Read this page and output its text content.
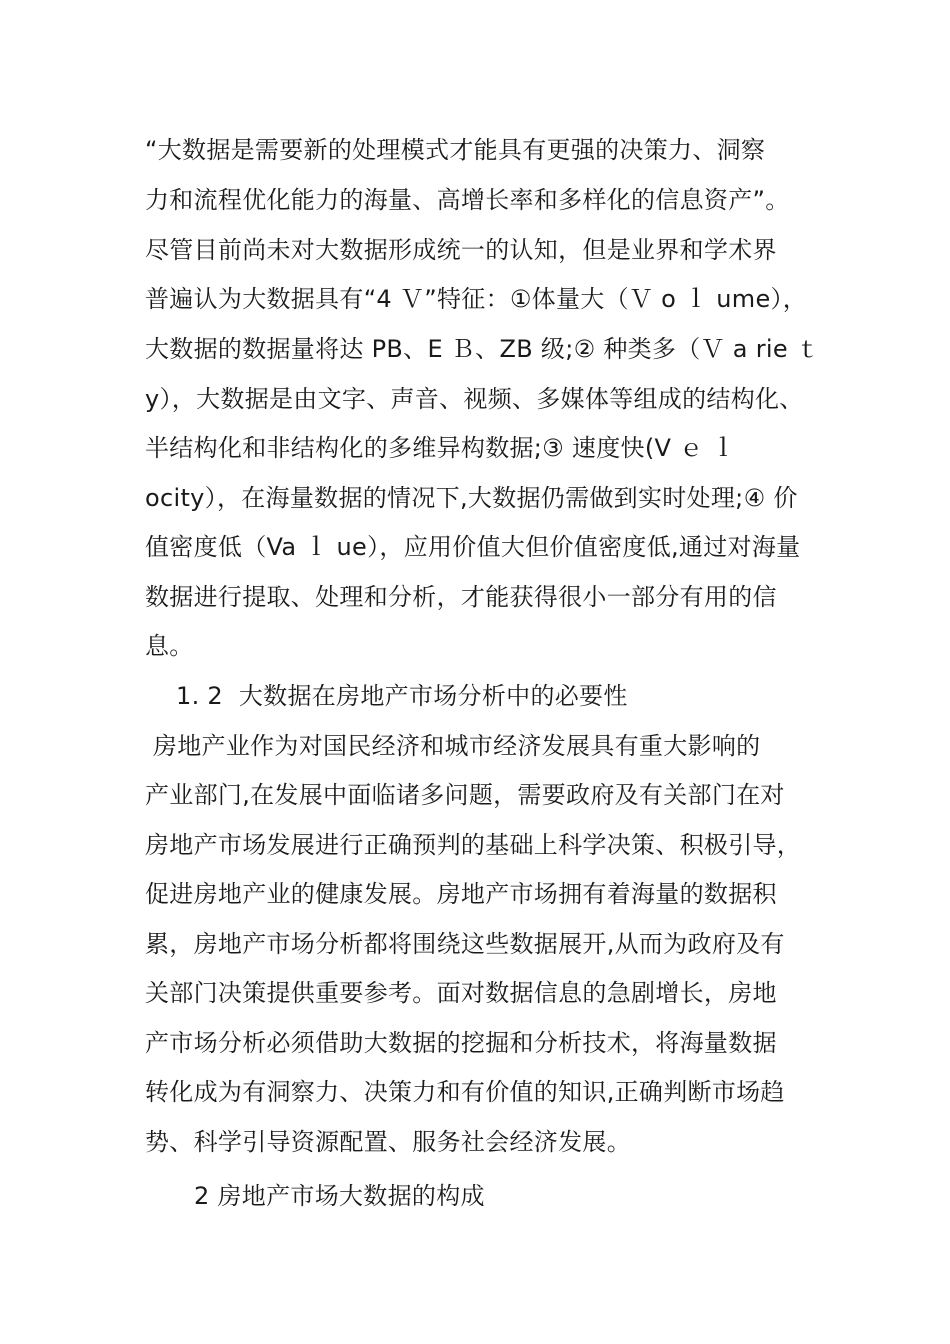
“大数据是需要新的处理模式才能具有更强的决策力、洞察
力和流程优化能力的海量、高增长率和多样化的信息资产”。
尽管目前尚未对大数据形成统一的认知，但是业界和学术界
普遍认为大数据具有“4 Ｖ”特征：①体量大（Ｖ o ｌ ume），
大数据的数据量将达 PB、E Ｂ、ZB 级;② 种类多（Ｖ a rie ｔ
y），大数据是由文字、声音、视频、多媒体等组成的结构化、
半结构化和非结构化的多维异构数据;③ 速度快(V ｅ ｌ
ocity），在海量数据的情况下,大数据仍需做到实时处理;④ 价
值密度低（Va ｌ ue），应用价值大但价值密度低,通过对海量
数据进行提取、处理和分析，才能获得很小一部分有用的信
息。
1. 2  大数据在房地产市场分析中的必要性
房地产业作为对国民经济和城市经济发展具有重大影响的
产业部门,在发展中面临诸多问题，需要政府及有关部门在对
房地产市场发展进行正确预判的基础上科学决策、积极引导，
促进房地产业的健康发展。房地产市场拥有着海量的数据积
累，房地产市场分析都将围绕这些数据展开,从而为政府及有
关部门决策提供重要参考。面对数据信息的急剧增长，房地
产市场分析必须借助大数据的挖掘和分析技术，将海量数据
转化成为有洞察力、决策力和有价值的知识,正确判断市场趋
势、科学引导资源配置、服务社会经济发展。
2 房地产市场大数据的构成
